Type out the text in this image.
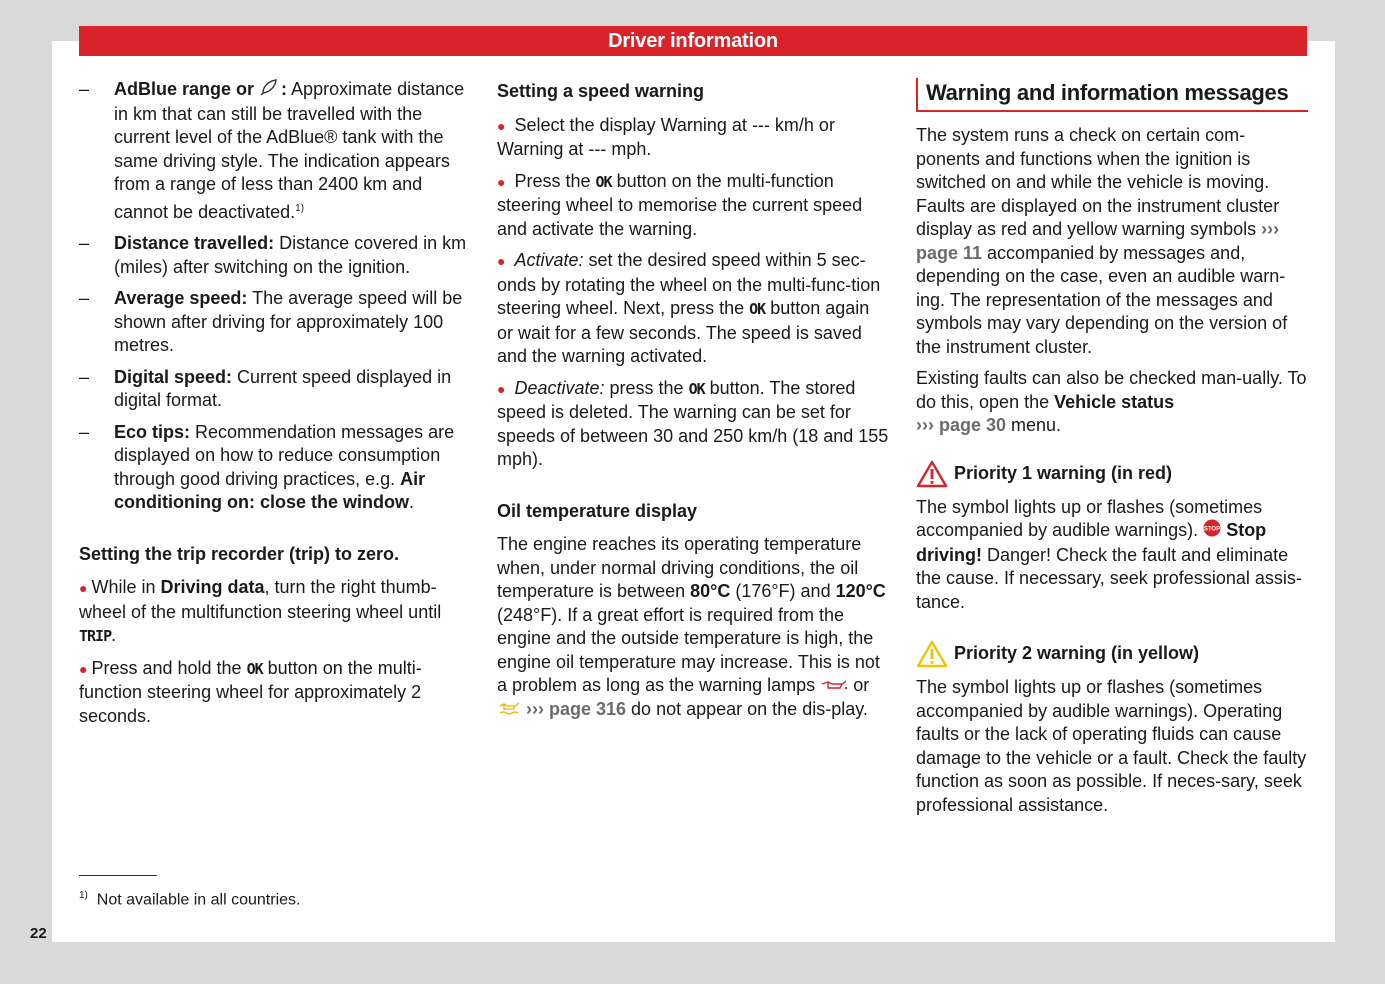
Driver information
– AdBlue range or : Approximate distance in km that can still be travelled with the current level of the AdBlue® tank with the same driving style. The indication appears from a range of less than 2400 km and cannot be deactivated.$^{1)}$
– Distance travelled: Distance covered in km (miles) after switching on the ignition.
– Average speed: The average speed will be shown after driving for approximately 100 metres.
– Digital speed: Current speed displayed in digital format.
– Eco tips: Recommendation messages are displayed on how to reduce consumption through good driving practices, e.g. Air conditioning on: close the window.
Setting the trip recorder (trip) to zero.

● While in Driving data, turn the right thumb-wheel of the multifunction steering wheel until TRIP.

● Press and hold the OK button on the multi-function steering wheel for approximately 2 seconds.

Setting a speed warning

● Select the display Warning at --- km/h or Warning at --- mph.

● Press the OK button on the multi-function steering wheel to memorise the current speed and activate the warning.

● Activate: set the desired speed within 5 sec-onds by rotating the wheel on the multi-func-tion steering wheel. Next, press the OK button again or wait for a few seconds. The speed is saved and the warning activated.

● Deactivate: press the OK button. The stored speed is deleted. The warning can be set for speeds of between 30 and 250 km/h (18 and 155 mph).

Oil temperature display

The engine reaches its operating temperature when, under normal driving conditions, the oil temperature is between 80°C (176°F) and 120°C (248°F). If a great effort is required from the engine and the outside temperature is high, the engine oil temperature may increase. This is not a problem as long as the warning lamps  or  ››› page 316 do not appear on the dis-play.

Warning and information messages

The system runs a check on certain com-ponents and functions when the ignition is switched on and while the vehicle is moving. Faults are displayed on the instrument cluster display as red and yellow warning symbols ››› page 11 accompanied by messages and, depending on the case, even an audible warn-ing. The representation of the messages and symbols may vary depending on the version of the instrument cluster.

Existing faults can also be checked man-ually. To do this, open the Vehicle status
››› page 30 menu.

Priority 1 warning (in red)

The symbol lights up or flashes (sometimes accompanied by audible warnings). STOP Stop driving! Danger! Check the fault and eliminate the cause. If necessary, seek professional assis-tance.

Priority 2 warning (in yellow)

The symbol lights up or flashes (sometimes accompanied by audible warnings). Operating faults or the lack of operating fluids can cause damage to the vehicle or a fault. Check the faulty function as soon as possible. If neces-sary, seek professional assistance.

$^{1)}$ Not available in all countries.
22
